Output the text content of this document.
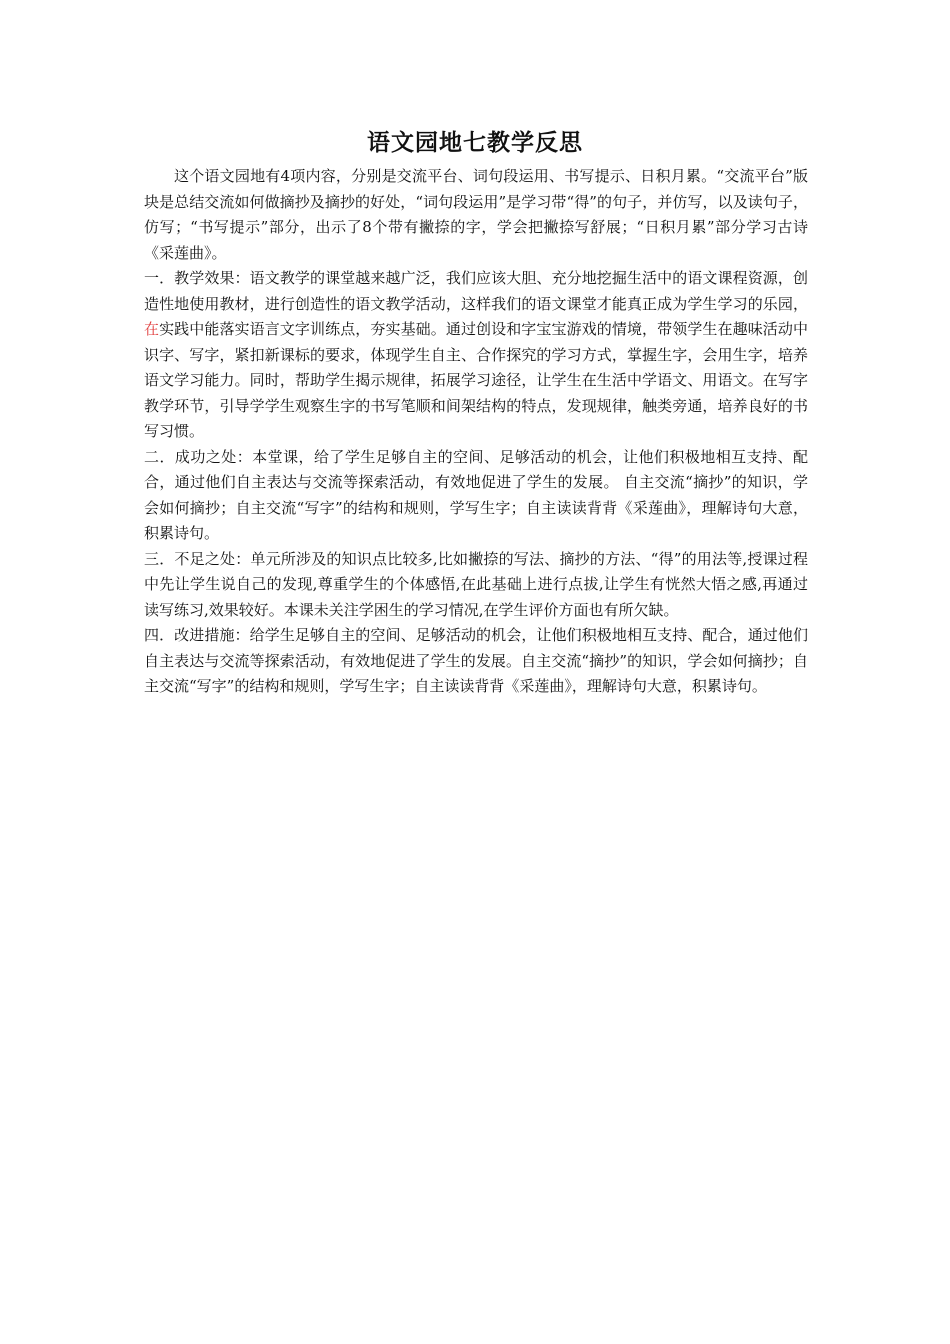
语文园地七教学反思

这个语文园地有4项内容，分别是交流平台、词句段运用、书写提示、日积月累。“交流平台”版块是总结交流如何做摘抄及摘抄的好处，“词句段运用”是学习带“得”的句子，并仿写，以及读句子，仿写；“书写提示”部分，出示了8个带有撇捺的字，学会把撇捺写舒展；“日积月累”部分学习古诗《采莲曲》。

一．教学效果：语文教学的课堂越来越广泛，我们应该大胆、充分地挖掘生活中的语文课程资源，创造性地使用教材，进行创造性的语文教学活动，这样我们的语文课堂才能真正成为学生学习的乐园，在实践中能落实语言文字训练点，夯实基础。通过创设和字宝宝游戏的情境，带领学生在趣味活动中识字、写字，紧扣新课标的要求，体现学生自主、合作探究的学习方式，掌握生字，会用生字，培养语文学习能力。同时，帮助学生揭示规律，拓展学习途径，让学生在生活中学语文、用语文。在写字教学环节，引导学学生观察生字的书写笔顺和间架结构的特点，发现规律，触类旁通，培养良好的书写习惯。

二．成功之处：本堂课，给了学生足够自主的空间、足够活动的机会，让他们积极地相互支持、配合，通过他们自主表达与交流等探索活动，有效地促进了学生的发展。 自主交流“摘抄”的知识，学会如何摘抄；自主交流“写字”的结构和规则，学写生字；自主读读背背《采莲曲》，理解诗句大意，积累诗句。

三．不足之处：单元所涉及的知识点比较多,比如撇捺的写法、摘抄的方法、“得”的用法等,授课过程中先让学生说自己的发现,尊重学生的个体感悟,在此基础上进行点拔,让学生有恍然大悟之感,再通过读写练习,效果较好。本课未关注学困生的学习情况,在学生评价方面也有所欠缺。

四．改进措施：给学生足够自主的空间、足够活动的机会，让他们积极地相互支持、配合，通过他们自主表达与交流等探索活动，有效地促进了学生的发展。自主交流“摘抄”的知识，学会如何摘抄；自主交流“写字”的结构和规则，学写生字；自主读读背背《采莲曲》，理解诗句大意，积累诗句。
